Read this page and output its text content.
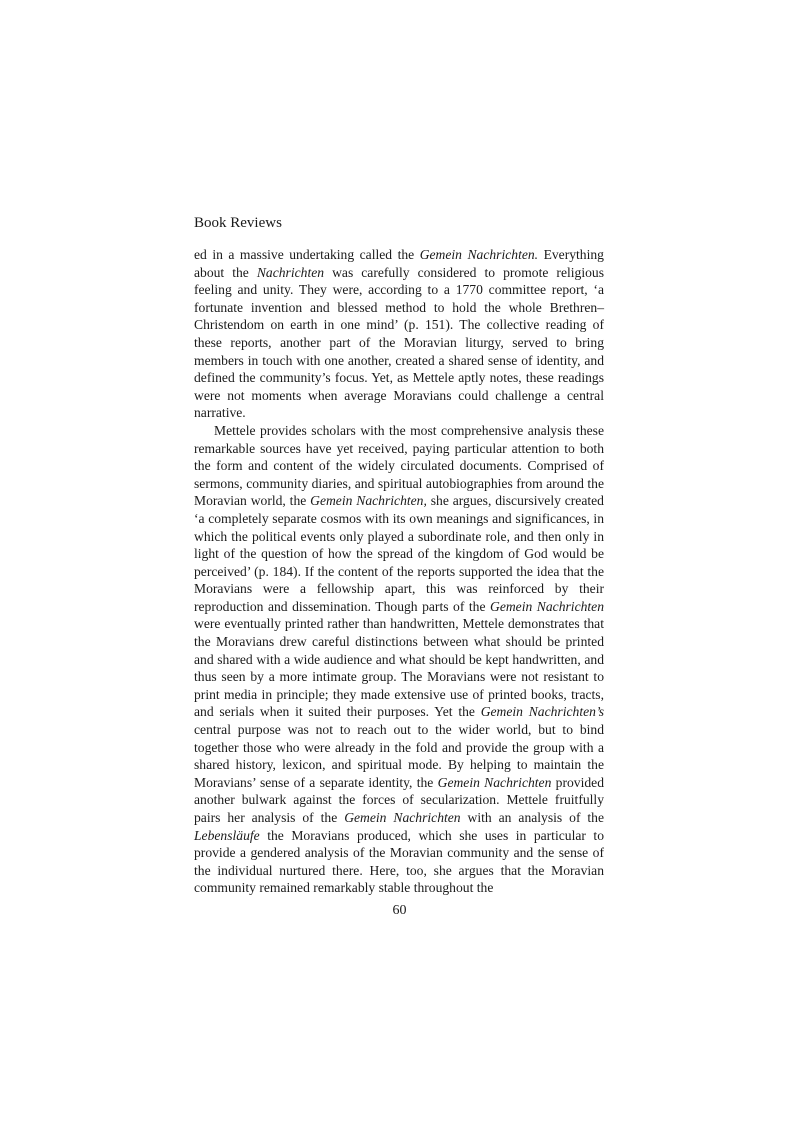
Book Reviews

ed in a massive undertaking called the Gemein Nachrichten. Everything about the Nachrichten was carefully considered to promote religious feeling and unity. They were, according to a 1770 committee report, ‘a fortunate invention and blessed method to hold the whole Brethren–Christendom on earth in one mind’ (p. 151). The collective reading of these reports, another part of the Moravian liturgy, served to bring members in touch with one another, created a shared sense of identity, and defined the community’s focus. Yet, as Mettele aptly notes, these readings were not moments when average Moravians could challenge a central narrative.

Mettele provides scholars with the most comprehensive analysis these remarkable sources have yet received, paying particular attention to both the form and content of the widely circulated documents. Comprised of sermons, community diaries, and spiritual autobiographies from around the Moravian world, the Gemein Nachrichten, she argues, discursively created ‘a completely separate cosmos with its own meanings and significances, in which the political events only played a subordinate role, and then only in light of the question of how the spread of the kingdom of God would be perceived’ (p. 184). If the content of the reports supported the idea that the Moravians were a fellowship apart, this was reinforced by their reproduction and dissemination. Though parts of the Gemein Nachrichten were eventually printed rather than handwritten, Mettele demonstrates that the Moravians drew careful distinctions between what should be printed and shared with a wide audience and what should be kept handwritten, and thus seen by a more intimate group. The Moravians were not resistant to print media in principle; they made extensive use of printed books, tracts, and serials when it suited their purposes. Yet the Gemein Nachrichten’s central purpose was not to reach out to the wider world, but to bind together those who were already in the fold and provide the group with a shared history, lexicon, and spiritual mode. By helping to maintain the Moravians’ sense of a separate identity, the Gemein Nachrichten provided another bulwark against the forces of secularization. Mettele fruitfully pairs her analysis of the Gemein Nachrichten with an analysis of the Lebensläufe the Moravians produced, which she uses in particular to provide a gendered analysis of the Moravian community and the sense of the individual nurtured there. Here, too, she argues that the Moravian community remained remarkably stable throughout the

60
